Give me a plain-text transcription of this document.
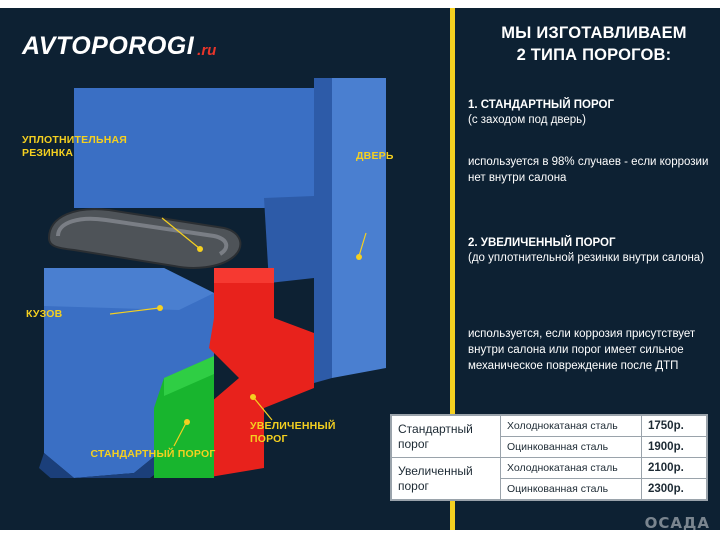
AVTOPOROGI .ru
УПЛОТНИТЕЛЬНАЯ РЕЗИНКА	ДВЕРЬ
КУЗОВ
СТАНДАРТНЫЙ ПОРОГ
УВЕЛИЧЕННЫЙ ПОРОГ
МЫ ИЗГОТАВЛИВАЕМ
2 ТИПА ПОРОГОВ:
1. СТАНДАРТНЫЙ ПОРОГ
(с заходом под дверь)
используется в 98% случаев - если коррозии нет внутри салона
2. УВЕЛИЧЕННЫЙ ПОРОГ
(до уплотнительной резинки внутри салона)
используется, если коррозия присутствует внутри салона или порог имеет сильное механическое повреждение после ДТП
Стандартный порог	Холоднокатаная сталь	1750р.
	Оцинкованная сталь	1900р.
Увеличенный порог	Холоднокатаная сталь	2100р.
	Оцинкованная сталь	2300р.
ОСАДА
